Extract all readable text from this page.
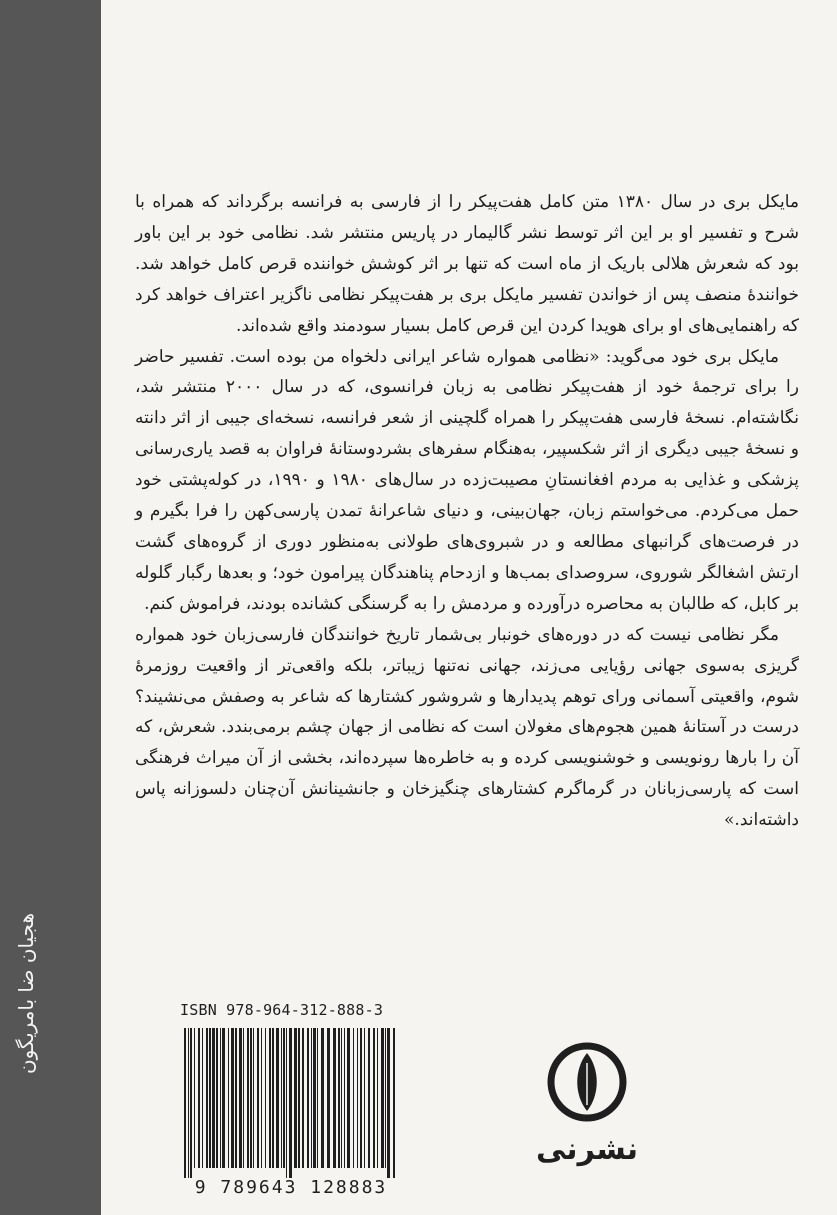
ھجیان ضا بامریگون

مایکل بری در سال ۱۳۸۰ متن کامل هفت‌پیکر را از فارسی به فرانسه برگرداند که همراه با شرح و تفسیر او بر این اثر توسط نشر گالیمار در پاریس منتشر شد. نظامی خود بر این باور بود که شعرش هلالی باریک از ماه است که تنها بر اثر کوشش خواننده قرص کامل خواهد شد. خوانندهٔ منصف پس از خواندن تفسیر مایکل بری بر هفت‌پیکر نظامی ناگزیر اعتراف خواهد کرد که راهنمایی‌های او برای هویدا کردن این قرص کامل بسیار سودمند واقع شده‌اند.

مایکل بری خود می‌گوید: «نظامی همواره شاعر ایرانی دلخواه من بوده است. تفسیر حاضر را برای ترجمهٔ خود از هفت‌پیکر نظامی به زبان فرانسوی، که در سال ۲۰۰۰ منتشر شد، نگاشته‌ام. نسخهٔ فارسی هفت‌پیکر را همراه گلچینی از شعر فرانسه، نسخه‌ای جیبی از اثر دانته و نسخهٔ جیبی دیگری از اثر شکسپیر، به‌هنگام سفرهای بشردوستانهٔ فراوان به قصد یاری‌رسانی پزشکی و غذایی به مردم افغانستانِ مصیبت‌زده در سال‌های ۱۹۸۰ و ۱۹۹۰، در کوله‌پشتی خود حمل می‌کردم. می‌خواستم زبان، جهان‌بینی، و دنیای شاعرانهٔ تمدن پارسی‌کهن را فرا بگیرم و در فرصت‌های گرانبهای مطالعه و در شبروی‌های طولانی به‌منظور دوری از گروه‌های گشت ارتش اشغالگر شوروی، سروصدای بمب‌ها و ازدحام پناهندگان پیرامون خود؛ و بعدها رگبار گلوله بر کابل، که طالبان به محاصره درآورده و مردمش را به گرسنگی کشانده بودند، فراموش کنم.

مگر نظامی نیست که در دوره‌های خونبار بی‌شمار تاریخ خوانندگان فارسی‌زبان خود همواره گریزی به‌سوی جهانی رؤیایی می‌زند، جهانی نه‌تنها زیباتر، بلکه واقعی‌تر از واقعیت روزمرهٔ شوم، واقعیتی آسمانی ورای توهم پدیدارها و شروشور کشتارها که شاعر به وصفش می‌نشیند؟ درست در آستانهٔ همین هجوم‌های مغولان است که نظامی از جهان چشم برمی‌بندد. شعرش، که آن را بارها رونویسی و خوشنویسی کرده و به خاطره‌ها سپرده‌اند، بخشی از آن میراث فرهنگی است که پارسی‌زبانان در گرماگرم کشتارهای چنگیزخان و جانشینانش آن‌چنان دلسوزانه پاس داشته‌اند.»

ISBN 978-964-312-888-3
9 789643 128883
نشرنی
